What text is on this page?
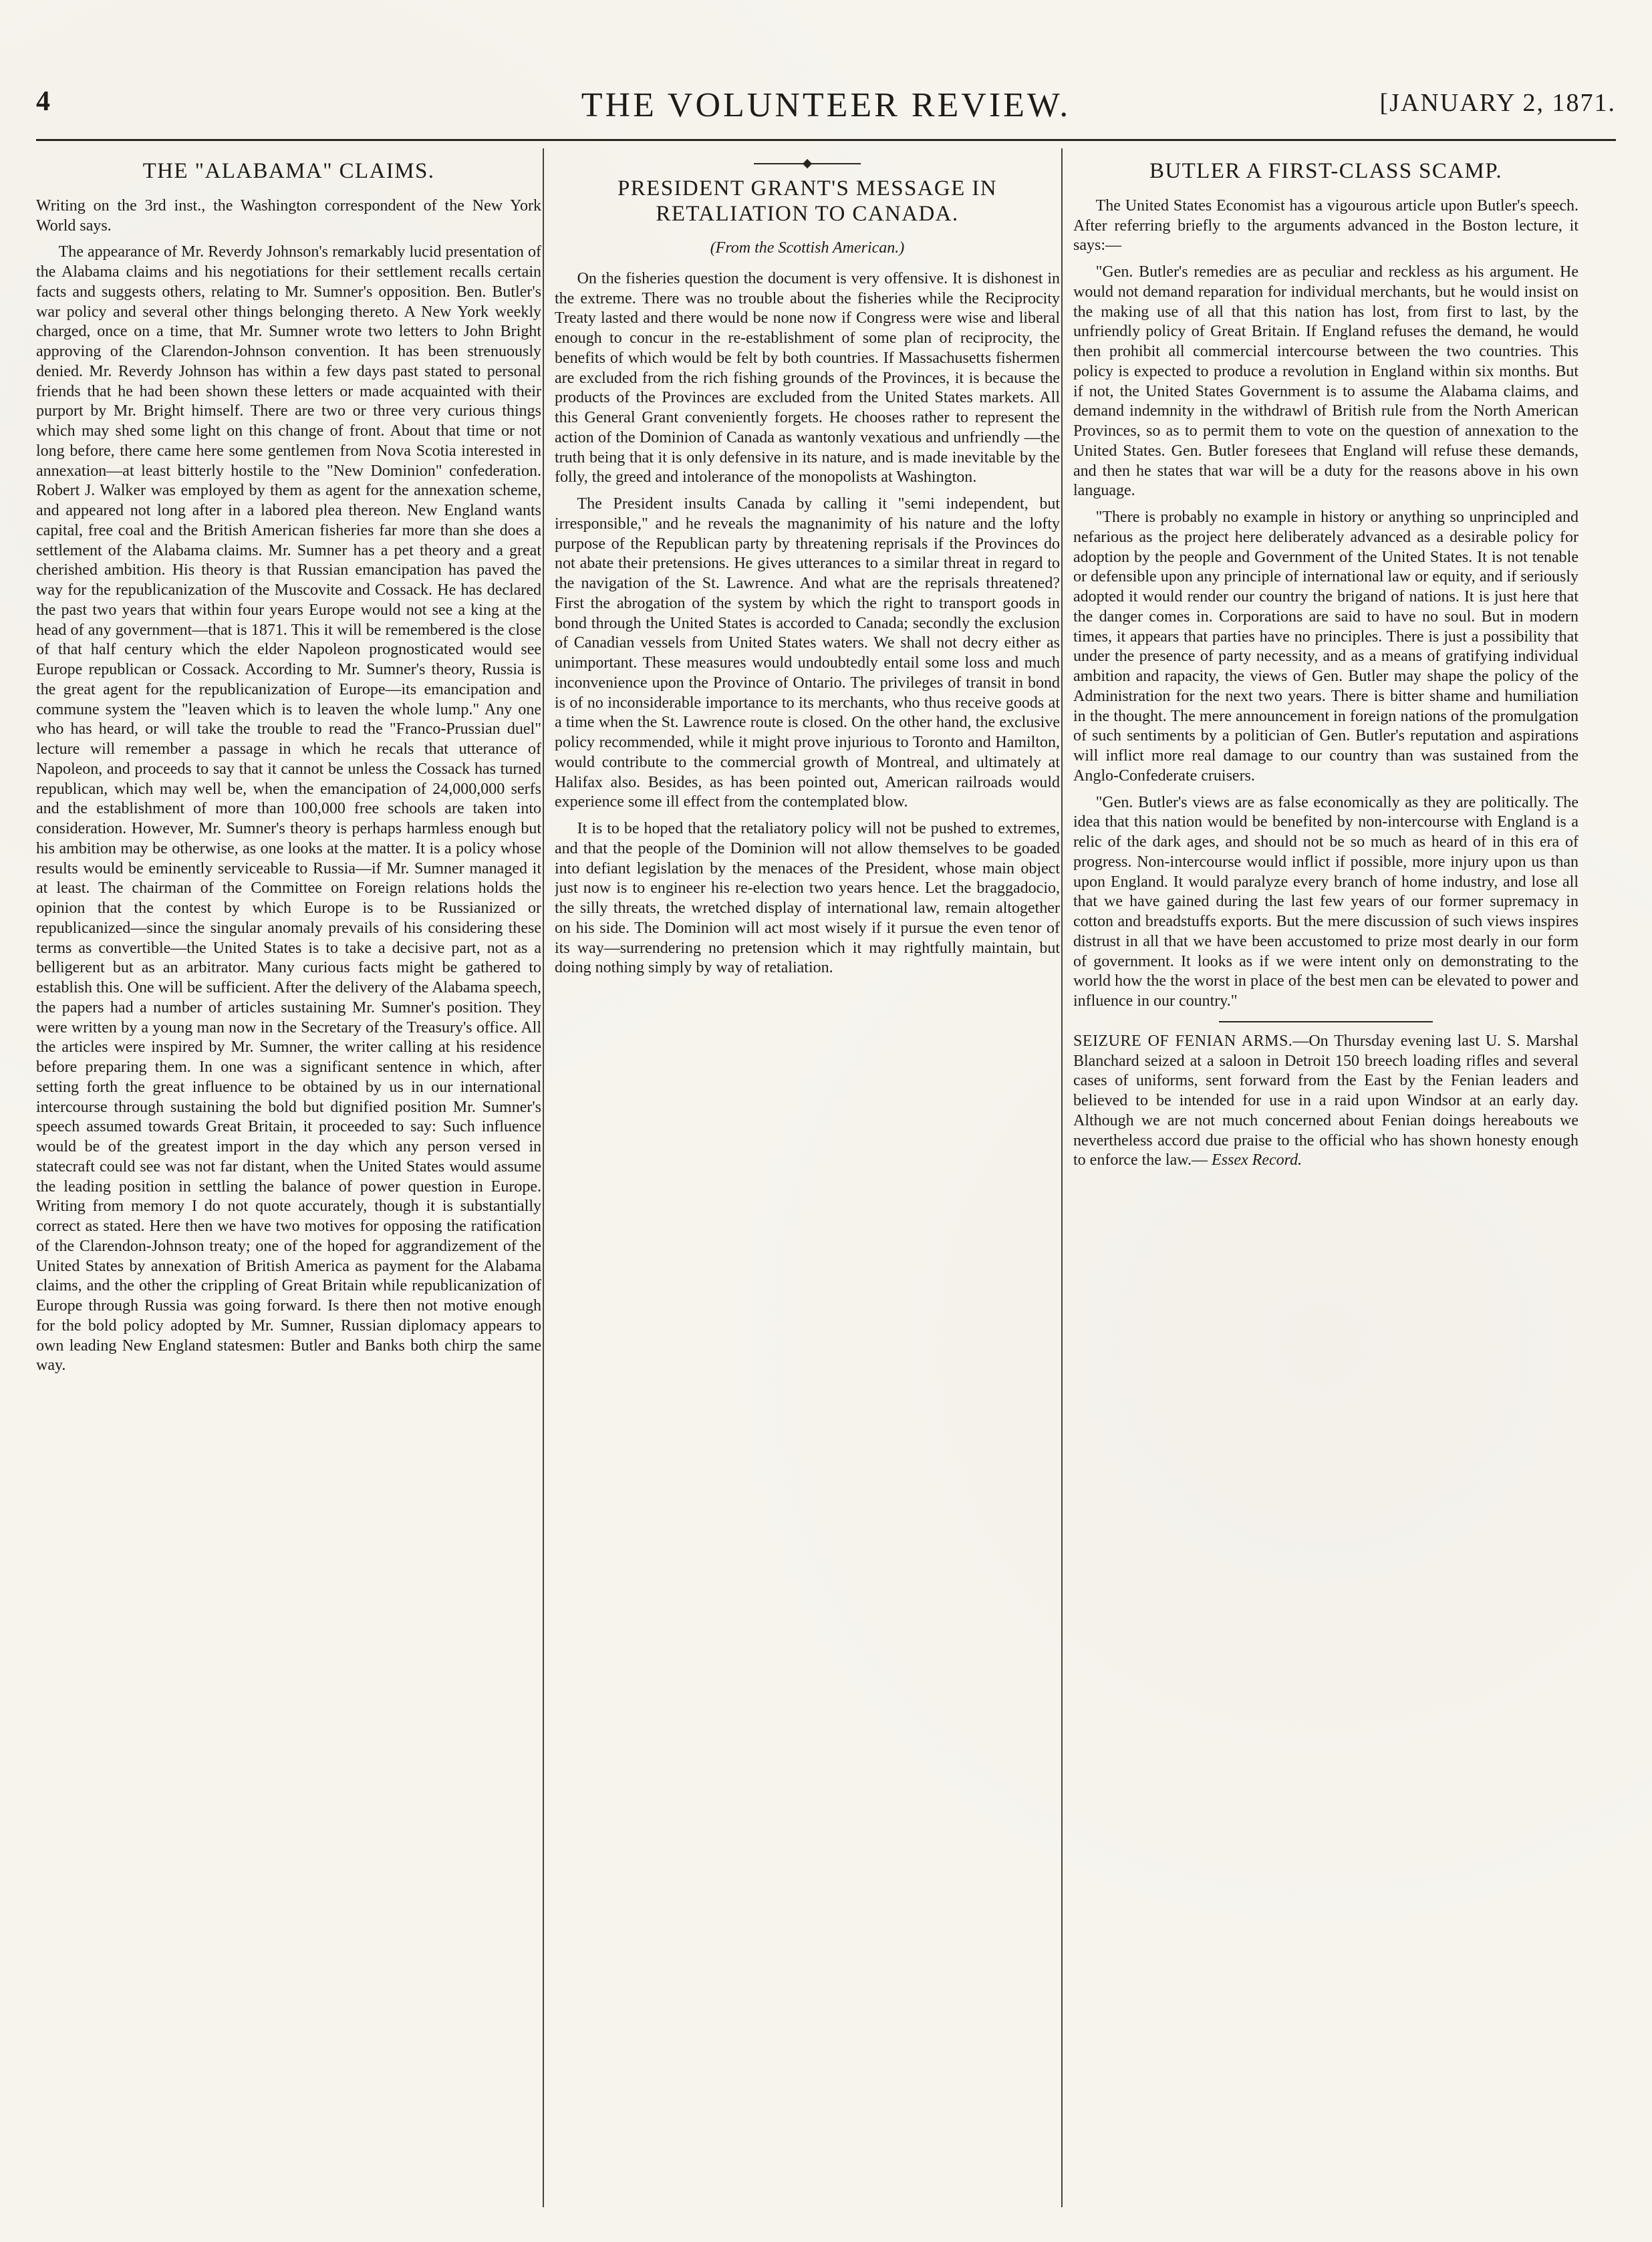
4	THE VOLUNTEER REVIEW.	[JANUARY 2, 1871.
THE "ALABAMA" CLAIMS.

Writing on the 3rd inst., the Washington correspondent of the New York World says.

The appearance of Mr. Reverdy Johnson's remarkably lucid presentation of the Alabama claims and his negotiations for their settlement recalls certain facts and suggests others, relating to Mr. Sumner's opposition. Ben. Butler's war policy and several other things belonging thereto. A New York weekly charged, once on a time, that Mr. Sumner wrote two letters to John Bright approving of the Clarendon-Johnson convention. It has been strenuously denied. Mr. Reverdy Johnson has within a few days past stated to personal friends that he had been shown these letters or made acquainted with their purport by Mr. Bright himself. There are two or three very curious things which may shed some light on this change of front. About that time or not long before, there came here some gentlemen from Nova Scotia interested in annexation—at least bitterly hostile to the "New Dominion" confederation. Robert J. Walker was employed by them as agent for the annexation scheme, and appeared not long after in a labored plea thereon. New England wants capital, free coal and the British American fisheries far more than she does a settlement of the Alabama claims. Mr. Sumner has a pet theory and a great cherished ambition. His theory is that Russian emancipation has paved the way for the republicanization of the Muscovite and Cossack. He has declared the past two years that within four years Europe would not see a king at the head of any government—that is 1871. This it will be remembered is the close of that half century which the elder Napoleon prognosticated would see Europe republican or Cossack. According to Mr. Sumner's theory, Russia is the great agent for the republicanization of Europe—its emancipation and commune system the "leaven which is to leaven the whole lump." Any one who has heard, or will take the trouble to read the "Franco-Prussian duel" lecture will remember a passage in which he recals that utterance of Napoleon, and proceeds to say that it cannot be unless the Cossack has turned republican, which may well be, when the emancipation of 24,000,000 serfs and the establishment of more than 100,000 free schools are taken into consideration. However, Mr. Sumner's theory is perhaps harmless enough but his ambition may be otherwise, as one looks at the matter. It is a policy whose results would be eminently serviceable to Russia—if Mr. Sumner managed it at least. The chairman of the Committee on Foreign relations holds the opinion that the contest by which Europe is to be Russianized or republicanized—since the singular anomaly prevails of his considering these terms as convertible—the United States is to take a decisive part, not as a belligerent but as an arbitrator. Many curious facts might be gathered to establish this. One will be sufficient. After the delivery of the Alabama speech, the papers had a number of articles sustaining Mr. Sumner's position. They were written by a young man now in the Secretary of the Treasury's office. All the articles were inspired by Mr. Sumner, the writer calling at his residence before preparing them. In one was a significant sentence in which, after setting forth the great influence to be obtained by us in our international intercourse through sustaining the bold but dignified position Mr. Sumner's speech assumed towards Great Britain, it proceeded to say: Such influence would be of the greatest import in the day which any person versed in statecraft could see was not far distant, when the United States would assume the leading position in settling the balance of power question in Europe. Writing from memory I do not quote accurately, though it is substantially correct as stated. Here then we have two motives for opposing the ratification of the Clarendon-Johnson treaty; one of the hoped for aggrandizement of the United States by annexation of British America as payment for the Alabama claims, and the other the crippling of Great Britain while republicanization of Europe through Russia was going forward. Is there then not motive enough for the bold policy adopted by Mr. Sumner, Russian diplomacy appears to own leading New England statesmen: Butler and Banks both chirp the same way.

PRESIDENT GRANT'S MESSAGE IN RETALIATION TO CANADA.
(From the Scottish American.)

On the fisheries question the document is very offensive. It is dishonest in the extreme. There was no trouble about the fisheries while the Reciprocity Treaty lasted and there would be none now if Congress were wise and liberal enough to concur in the re-establishment of some plan of reciprocity, the benefits of which would be felt by both countries. If Massachusetts fishermen are excluded from the rich fishing grounds of the Provinces, it is because the products of the Provinces are excluded from the United States markets. All this General Grant conveniently forgets. He chooses rather to represent the action of the Dominion of Canada as wantonly vexatious and unfriendly —the truth being that it is only defensive in its nature, and is made inevitable by the folly, the greed and intolerance of the monopolists at Washington.

The President insults Canada by calling it "semi independent, but irresponsible," and he reveals the magnanimity of his nature and the lofty purpose of the Republican party by threatening reprisals if the Provinces do not abate their pretensions. He gives utterances to a similar threat in regard to the navigation of the St. Lawrence. And what are the reprisals threatened? First the abrogation of the system by which the right to transport goods in bond through the United States is accorded to Canada; secondly the exclusion of Canadian vessels from United States waters. We shall not decry either as unimportant. These measures would undoubtedly entail some loss and much inconvenience upon the Province of Ontario. The privileges of transit in bond is of no inconsiderable importance to its merchants, who thus receive goods at a time when the St. Lawrence route is closed. On the other hand, the exclusive policy recommended, while it might prove injurious to Toronto and Hamilton, would contribute to the commercial growth of Montreal, and ultimately at Halifax also. Besides, as has been pointed out, American railroads would experience some ill effect from the contemplated blow.

It is to be hoped that the retaliatory policy will not be pushed to extremes, and that the people of the Dominion will not allow themselves to be goaded into defiant legislation by the menaces of the President, whose main object just now is to engineer his re-election two years hence. Let the braggadocio, the silly threats, the wretched display of international law, remain altogether on his side. The Dominion will act most wisely if it pursue the even tenor of its way—surrendering no pretension which it may rightfully maintain, but doing nothing simply by way of retaliation.

BUTLER A FIRST-CLASS SCAMP.

The United States Economist has a vigourous article upon Butler's speech. After referring briefly to the arguments advanced in the Boston lecture, it says:—

"Gen. Butler's remedies are as peculiar and reckless as his argument. He would not demand reparation for individual merchants, but he would insist on the making use of all that this nation has lost, from first to last, by the unfriendly policy of Great Britain. If England refuses the demand, he would then prohibit all commercial intercourse between the two countries. This policy is expected to produce a revolution in England within six months. But if not, the United States Government is to assume the Alabama claims, and demand indemnity in the withdrawl of British rule from the North American Provinces, so as to permit them to vote on the question of annexation to the United States. Gen. Butler foresees that England will refuse these demands, and then he states that war will be a duty for the reasons above in his own language.

"There is probably no example in history or anything so unprincipled and nefarious as the project here deliberately advanced as a desirable policy for adoption by the people and Government of the United States. It is not tenable or defensible upon any principle of international law or equity, and if seriously adopted it would render our country the brigand of nations. It is just here that the danger comes in. Corporations are said to have no soul. But in modern times, it appears that parties have no principles. There is just a possibility that under the presence of party necessity, and as a means of gratifying individual ambition and rapacity, the views of Gen. Butler may shape the policy of the Administration for the next two years. There is bitter shame and humiliation in the thought. The mere announcement in foreign nations of the promulgation of such sentiments by a politician of Gen. Butler's reputation and aspirations will inflict more real damage to our country than was sustained from the Anglo-Confederate cruisers.

"Gen. Butler's views are as false economically as they are politically. The idea that this nation would be benefited by non-intercourse with England is a relic of the dark ages, and should not be so much as heard of in this era of progress. Non-intercourse would inflict if possible, more injury upon us than upon England. It would paralyze every branch of home industry, and lose all that we have gained during the last few years of our former supremacy in cotton and breadstuffs exports. But the mere discussion of such views inspires distrust in all that we have been accustomed to prize most dearly in our form of government. It looks as if we were intent only on demonstrating to the world how the the worst in place of the best men can be elevated to power and influence in our country."

SEIZURE OF FENIAN ARMS.—On Thursday evening last U. S. Marshal Blanchard seized at a saloon in Detroit 150 breech loading rifles and several cases of uniforms, sent forward from the East by the Fenian leaders and believed to be intended for use in a raid upon Windsor at an early day. Although we are not much concerned about Fenian doings hereabouts we nevertheless accord due praise to the official who has shown honesty enough to enforce the law.— Essex Record.
